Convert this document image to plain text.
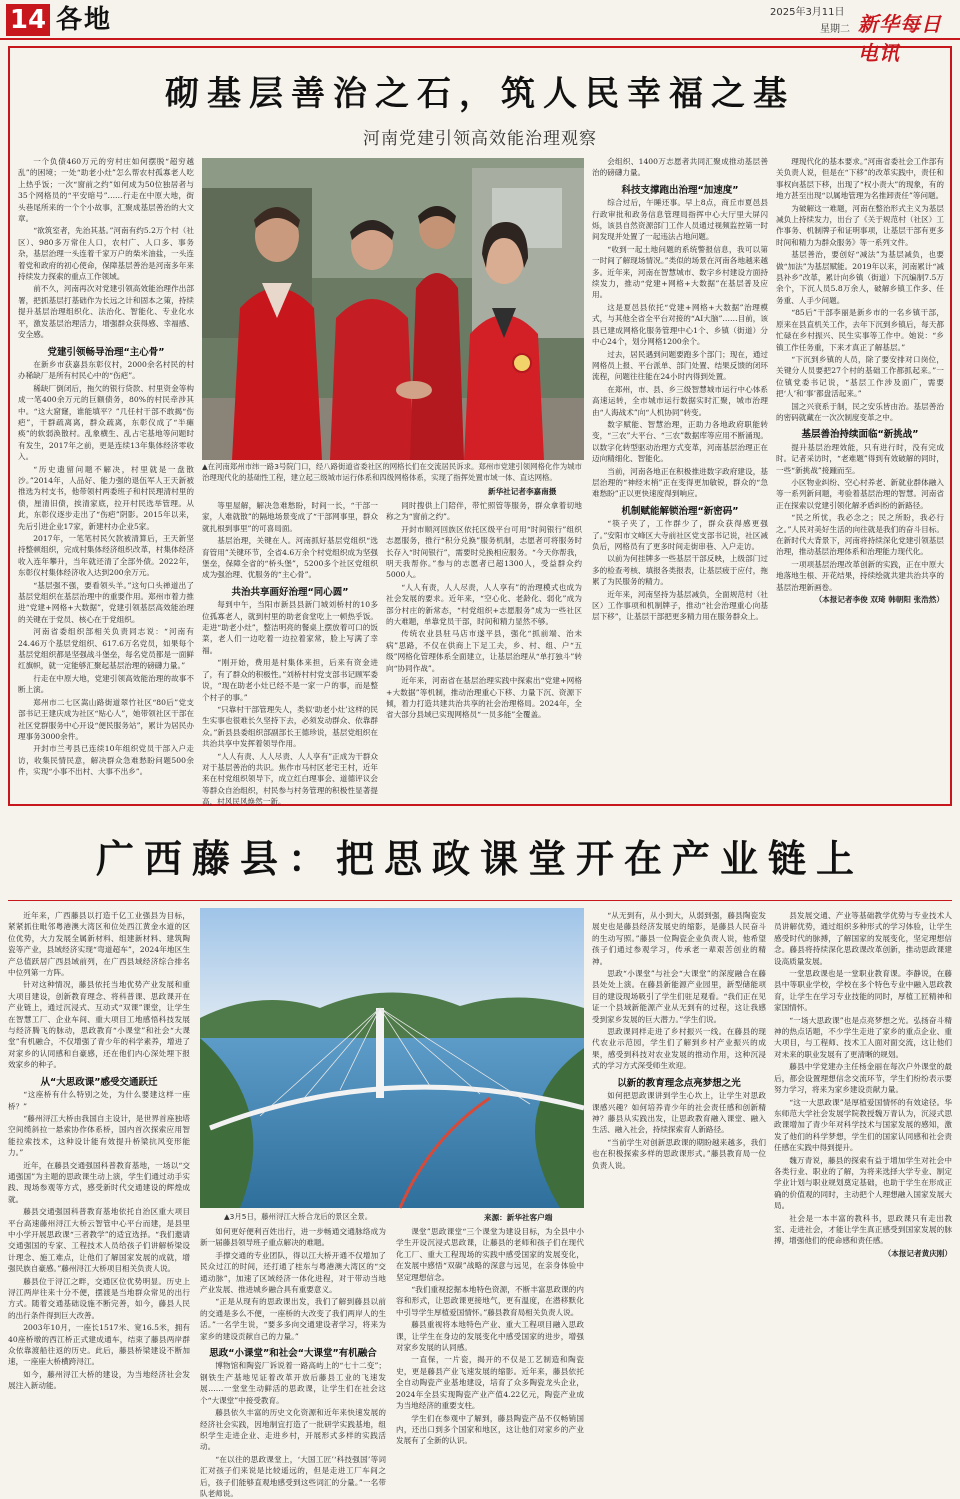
14 各地	2025年3月11日
星期二 新华每日电讯
砌基层善治之石，筑人民幸福之基
河南党建引领高效能治理观察

一个负债460万元的穷村庄如何摆脱“超穷越乱”的困境；一处“助老小灶”怎么帮农村孤寡老人吃上热乎饭；一次“窗前之约”如何成为50位独居者与35个网格员的“平安暗号”……行走在中原大地，街头巷尾所来的一个个小故事，汇聚成基层善治的大文章。

“欲筑室者，先治其基。”河南有约5.2万个村（社区）、980多万常住人口，农村广、人口多、事务杂，基层治理一头连着千家万户的柴米油盐，一头连着党和政府的初心使命，保障基层善治是河南多年来持续发力探索的重点工作领域。

前不久，河南再次对党建引领高效能治理作出部署，把抓基层打基础作为长远之计和固本之策，持续提升基层治理组织化、法治化、智能化、专业化水平，激发基层治理活力，增强群众获得感、幸福感、安全感。

党建引领畅导治理“主心骨”

在新乡市获嘉县东彰仪村，2000余名村民的村办稀缺厂是所有村民心中的“伤疤”。

稀缺厂倒闭后，拖欠的银行贷款、村里资金等构成一笔400余万元的巨额债务，80%的村民牵涉其中。“这大窟窿，谁能填平？”几任村干部不敢揭“伤疤”，干群疏离离，群众疏离，东彰仪成了“半瘫痪”的软弱涣散村。乱象横生、乱占宅基地等问题时有发生，2017年之前，更是连续13年集体经济零收入。

“历史遗留问题不解决，村里就是一盘散沙。”2014年，人品好、能力强的退伍军人王天新被推选为村支书，他带领村两委班子和村民理清村里的债，厘清旧债，挨清家底，拉开村民选举管理。从此，东彰仪逐步走出了“伤疤”阴影。2015年以来，先后引进企业17家，新建村办企业5家。

2017年，一笔笔村民欠款被清算后，王天新坚持整顿组织，完成村集体经济组织改革，村集体经济收入连年攀升，当年就还清了全部外债。2022年，东彰仪村集体经济收入达到200余万元。

“基层强不强，要看领头羊。”这句口头禅道出了基层党组织在基层治理中的重要作用。郑州市着力推进“党建+网格+大数据”，党建引领基层高效能治理的关键在于党员、核心在于党组织。

河南省委组织部相关负责同志说：“河南有24.46万个基层党组织、617.6万名党员，如果每个基层党组织都是坚强战斗堡垒，每名党员都是一面鲜红旗帜，就一定能够汇聚起基层治理的磅礴力量。”

行走在中原大地，党建引领高效能治理的故事不断上演。

郑州市二七区嵩山路街道翠竹社区“80后”党支部书记王建庆成为社区“贴心人”，她带领社区干部在社区党群服务中心开设“便民服务站”，累计为居民办理事务3000余件。

开封市兰考县已连续10年组织党员干部入户走访，收集民情民意，解决群众急难愁盼问题500余件，实现“小事不出村、大事不出乡”。

▲在河南郑州市纬一路3号院门口，经八路街道省委社区的网格长们在交流居民诉求。郑州市党建引领网格化作为城市治理现代化的基础性工程，建立起三级城市运行体系和四级网格体系，实现了指挥处置市域一体、直达网格。
新华社记者李嘉南摄

等里屋解，解决急难愁盼，时间一长，“干部一家，人难就散”的隔地场景变成了“干部网事里，群众就扎根到事里”的可喜局面。

基层治理，关键在人。河南抓好基层党组织“选育管用”关键环节，全省4.6万余个村党组织成为坚强堡垒，保障全省的“桥头堡”，5200多个社区党组织成为强治理、优服务的“主心骨”。

共治共享画好治理“同心圆”

每到中午，当阳市新县县新门城刘桥村的10多位孤寡老人，就到村里的助老食堂吃上一顿热乎饭。走进“助老小灶”，整洁明亮的餐桌上摆放着可口的饭菜，老人们一边吃着一边拉着家常，脸上写满了幸福。

“刚开始，费用是村集体来担，后来有资金进了，有了群众的积极性。”刘桥村村党支部书记顾军委说，“现在助老小灶已经不是一家一户的事，而是整个村子的事。”

“只靠村干部管理失人，类似‘助老小灶’这样的民生实事也很难长久坚持下去，必须发动群众、依靠群众。”新县县委组织部副部长王德珍说，基层党组织在共治共享中发挥着领导作用。

“人人有责、人人尽责、人人享有”正成为干群众对于基层善治的共识。焦作市马村区老宅王村，近年来在村党组织领导下，成立红白理事会、道德评议会等群众自治组织，村民参与村务管理的积极性显著提高，村风民风焕然一新。

同时搜供上门陪伴，带忙照管等服务，群众拿着切地称之为“窗前之约”。

开封市顺河回族区依托区级平台可用“时间银行”组织志愿服务，推行“积分兑换”服务机制，志愿者可将服务时长存入“时间银行”，需要时兑换相应服务。“今天你帮我，明天我帮你。”参与的志愿者已超1300人，受益群众约5000人。

“人人有责，人人尽责，人人享有”的治理模式也成为社会发展的要求。近年来，“空心化、老龄化、弱化”成为部分村庄的新常态，“村党组织+志愿服务”成为一些社区的大难题，单靠党员干部，时间和精力显然不够。

传统农业县驻马店市遂平县，强化“抓前端、治未病”思路，不仅在供商上下足工夫，乡、村、组、户“五级”网格化管理体系全面建立，让基层治理从“单打独斗”转向“协同作战”。

近年来，河南省在基层治理实践中探索出“党建+网格+大数据”等机制，推动治理重心下移、力量下沉、资源下倾，着力打造共建共治共享的社会治理格局。2024年，全省大部分县域已实现网格员“一员多能”全覆盖。

会组织、1400万志愿者共同汇聚成推动基层善治的磅礴力量。

科技支撑跑出治理“加速度”

综合过后，午睡还事。早上8点，商丘市夏邑县行政审批和政务信息管理局指挥中心大厅里大屏闪烁，该县自然资源部门工作人员通过视频监控第一时间发现并处置了一起违法占地问题。

“收到一起土地问题的系统警报信息，我可以第一时间了解现场情况。”类似的场景在河南各地越来越多。近年来，河南在智慧城市、数字乡村建设方面持续发力，推动“党建+网格+大数据”在基层普及应用。

这是夏邑县依托“党建+网格+大数据”治理模式，与其他全省全平台对接的“AI大脑”……目前，该县已建成网格化服务管理中心1个、乡镇（街道）分中心24个，划分网格1200余个。

过去，居民遇到问题要跑多个部门；现在，通过网格员上报、平台派单、部门处置、结果反馈的闭环流程，问题往往能在24小时内得到处置。

在郑州，市、县、乡三级智慧城市运行中心体系高速运转，全市城市运行数据实时汇聚，城市治理由“人海战术”向“人机协同”转变。

数字赋能、智慧治理，正助力各地政府职能转变，“三农”大平台、“三农”数据库等应用不断涌现。以数字化转型驱动治理方式变革，河南基层治理正在迈向精细化、智能化。

当前，河南各地正在积极推进数字政府建设，基层治理的“神经末梢”正在变得更加敏锐，群众的“急难愁盼”正以更快速度得到响应。

机制赋能解锁治理“新密码”

“筷子夹了，工作群少了，群众获得感更强了。”安阳市文峰区大寺前社区党支部书记说，社区减负后，网格员有了更多时间走街串巷、入户走访。

以前为何挂牌多一些基层干部反映，上级部门过多的检查考核、填报各类报表，让基层疲于应付，拖累了为民服务的精力。

近年来，河南坚持为基层减负，全面规范村（社区）工作事项和机制牌子，推动“社会治理重心向基层下移”，让基层干部把更多精力用在服务群众上。

理现代化的基本要求。”河南省委社会工作部有关负责人说，但是在“下移”的改革实践中，责任和事权向基层下移，出现了“权小责大”的现象，有的地方甚至出现“以属地管理为名推卸责任”等问题。

为破解这一难题，河南在整治形式主义为基层减负上持续发力，出台了《关于规范村（社区）工作事务、机制牌子和证明事项，让基层干部有更多时间和精力为群众服务》等一系列文件。

基层善治，要创好“减法”为基层减负，也要做“加法”为基层赋能。2019年以来，河南累计“减县补乡”改革，累计向乡镇（街道）下沉编制7.5万余个，下沉人员5.8万余人，破解乡镇工作多、任务重、人手少问题。

“85后”干部李丽是新乡市的一名乡镇干部，原来在县直机关工作，去年下沉到乡镇后，每天都忙碌在乡村振兴、民生实事等工作中。她说：“乡镇工作任务重，下来才真正了解基层。”

“下沉到乡镇的人员，除了要安排对口岗位，关键分人员要把27个村的基础工作都抓起来。”一位镇党委书记说，“基层工作涉及面广，需要把‘人’和‘事’都盘活起来。”

国之兴衰系于制，民之安乐皆由治。基层善治的密码就藏在一次次制度变革之中。

基层善治持续面临“新挑战”

提升基层治理效能，只有进行时，没有完成时。记者采访时，“老难题”得到有效破解的同时，一些“新挑战”接踵而至。

小区物业纠纷、空心村养老、新就业群体融入等一系列新问题，考验着基层治理的智慧。河南省正在探索以党建引领化解矛盾纠纷的新路径。

“民之所忧，我必念之；民之所盼，我必行之。”人民对美好生活的向往就是我们的奋斗目标。在新时代大背景下，河南将持续深化党建引领基层治理，推动基层治理体系和治理能力现代化。

一项项基层治理改革创新的实践，正在中原大地落地生根、开花结果，持续绘就共建共治共享的基层治理新画卷。

（本报记者李俊 双琦 韩朝阳 张浩然）

广西藤县：把思政课堂开在产业链上

近年来，广西藤县以打造千亿工业强县为目标，紧紧抓住毗邻粤港澳大湾区和位处西江黄金水道的区位优势，大力发展全属新材料、组建新材料、建筑陶瓷等产业，县域经济实现“弯道超车”，2024年地区生产总值跃居广西县域前列，在广西县域经济综合排名中位列第一方阵。

针对这种情况，藤县依托当地优势产业发展和重大项目建设，创新教育理念、将科普课、思政课开在产业链上，通过沉浸式、互动式“双课”课堂，让学生在智慧工厂、企业车间、重大项目工地感悟科技发展与经济腾飞的脉动，思政教育“小课堂”和社会“大课堂”有机融合，不仅增强了青少年的科学素养，增进了对家乡的认同感和自豪感，还在他们内心深处埋下报效家乡的种子。

从“大思政课”感受交通跃迁

“这座桥有什么特别之处，为什么要建这样一座桥？”

“藤州浔江大桥由我国自主设计，是世界首座独塔空间缆斜拉一悬索协作体系桥，国内首次探索应用智能拉索技术，这种设计能有效提升桥梁抗风变形能力。”

近年，在藤县交通强国科普教育基地，一场以“交通强国”为主题的思政课生动上演，学生们通过动手实践、现场参观等方式，感受新时代交通建设的辉煌成就。

藤县交通强国科普教育基地依托自治区重大项目平台高速藤州浔江大桥云智管中心平台而建，是县里中小学开展思政课“三者教学”的适宜选择。“我们邀请交通强国的专家、工程技术人员给孩子们讲解桥梁设计理念、施工难点，让他们了解国家发展的成就，增强民族自豪感。”藤州浔江大桥项目相关负责人说。

藤县位于浔江之畔，交通区位优势明显。历史上浔江两岸往来十分不便，摆渡是当地群众常见的出行方式。随着交通基础设施不断完善，如今，藤县人民的出行条件得到巨大改善。

2003年10月，一座长1517米、宽16.5米，拥有40座桥墩的西江桥正式建成通车，结束了藤县两岸群众依靠渡船往返的历史。此后，藤县桥梁建设不断加速，一座座大桥横跨浔江。

如今，藤州浔江大桥的建设，为当地经济社会发展注入新动能。

▲3月5日，藤州浔江大桥合龙后的景区全景。	来源：新华社客户端

如何更好便利百姓出行，进一步畅通交通脉络成为新一届藤县领导班子重点解决的难题。

手撑交通的专业团队，得以江大桥开通不仅增加了民众过江的时间，还打通了桂东与粤港澳大湾区的“交通动脉”，加速了区域经济一体化进程，对于带动当地产业发展、推进城乡融合具有重要意义。

“正是从现有的思政课出发，我们了解到藤县以前的交通是多么不便，一座桥的大改变了我们两岸人的生活。”一名学生说，“要多多向交通建设者学习，将来为家乡的建设贡献自己的力量。”

思政“小课堂”和社会“大课堂”有机融合

博物馆和陶瓷厂诉说着一路高屿上的“七十二变”；钢铁生产基地见证着改革开放后藤县工业的飞速发展……一堂堂生动鲜活的思政课，让学生们在社会这个“大课堂”中接受教育。

藤县依久丰富的历史文化资源和近年来快速发展的经济社会实践，因地制宜打造了一批研学实践基地，组织学生走进企业、走进乡村，开展形式多样的实践活动。

“在以往的思政课堂上，‘大国工匠’‘科技强国’等词汇对孩子们来说是比较遥远的，但是走进工厂车间之后，孩子们能够直观地感受到这些词汇的分量。”一名带队老师说。

课堂”思政课堂“三个课堂为建设目标，为全县中小学生开设沉浸式思政课，让藤县的老师和孩子们在现代化工厂、重大工程现场的实践中感受国家的发展变化，在发展中感悟“双碳”战略的深意与远见，在亲身体验中坚定理想信念。

“我们重视挖掘本地特色资源，不断丰富思政课的内容和形式，让思政课更接地气，更有温度，在潜移默化中引导学生厚植爱国情怀。”藤县教育局相关负责人说。

藤县重视将本地特色产业、重大工程项目融入思政课，让学生在身边的发展变化中感受国家的进步，增强对家乡发展的认同感。

一直保，一片瓷，揭开的不仅是工艺制造和陶瓷史，更是藤县产业飞速发展的缩影。近年来，藤县依托全自动陶瓷产业基地建设，培育了众多陶瓷龙头企业，2024年全县实现陶瓷产业产值4.22亿元，陶瓷产业成为当地经济的重要支柱。

学生们在参观中了解到，藤县陶瓷产品不仅畅销国内，还出口到多个国家和地区，这让他们对家乡的产业发展有了全新的认识。

“从无到有，从小到大，从弱到强，藤县陶瓷发展史也是藤县经济发展史的缩影，是藤县人民奋斗的生动写照。”藤县一位陶瓷企业负责人说，他希望孩子们通过参观学习，传承老一辈艰苦创业的精神。

思政“小课堂”与社会“大课堂”的深度融合在藤县处处上演。在藤县新能源产业园里，新型储能项目的建设现场吸引了学生们驻足观看。“我们正在见证一个县域新能源产业从无到有的过程，这让我感受到家乡发展的巨大潜力。”学生们说。

思政课同样走进了乡村振兴一线。在藤县的现代农业示范园，学生们了解到乡村产业振兴的成果，感受到科技对农业发展的推动作用，这种沉浸式的学习方式深受师生欢迎。

以新的教育理念点亮梦想之光

如何把思政课讲到学生心坎上，让学生对思政课感兴趣？如何培养青少年的社会责任感和创新精神？藤县从实践出发，让思政教育融入课堂、融入生活、融入社会，持续探索育人新路径。

“当前学生对创新思政课的期盼越来越多，我们也在积极探索多样的思政课形式。”藤县教育局一位负责人说。

县发展交通、产业等基础教学优势与专业技术人员讲解优势，通过组织多种形式的学习体验，让学生感受时代的脉搏，了解国家的发展变化，坚定理想信念。藤县将持续深化思政课改革创新，推动思政课建设高质量发展。

一堂思政课也是一堂职业教育课。李静说，在藤县中等职业学校，学校在多个特色专业中融入思政教育，让学生在学习专业技能的同时，厚植工匠精神和家国情怀。

“一场大思政课”也是点亮梦想之光。弘扬奋斗精神的热点话题，不少学生走进了家乡的重点企业、重大项目，与工程师、技术工人面对面交流，这让他们对未来的职业发展有了更清晰的规划。

藤县中学党建办主任杨金丽在每次户外课堂的最后，都会设置理想信念交流环节，学生们纷纷表示要努力学习，将来为家乡建设贡献力量。

“这一大思政课”是厚植爱国情怀的有效途径。华东师范大学社会发展学院教授魏万青认为，沉浸式思政课增加了青少年对科学技术与国家发展的感知，激发了他们的科学梦想，学生们的国家认同感和社会责任感在实践中得到提升。

魏万青说，藤县的探索有益于增加学生对社会中各类行业、职业的了解，为将来选择大学专业、制定学业计划与职业规划奠定基础，也助于学生在形成正确的价值观的同时，主动把个人理想融入国家发展大局。

社会是一本丰富的教科书，思政课只有走出教室、走进社会，才能让学生真正感受到国家发展的脉搏，增强他们的使命感和责任感。

（本报记者黄庆刚）
